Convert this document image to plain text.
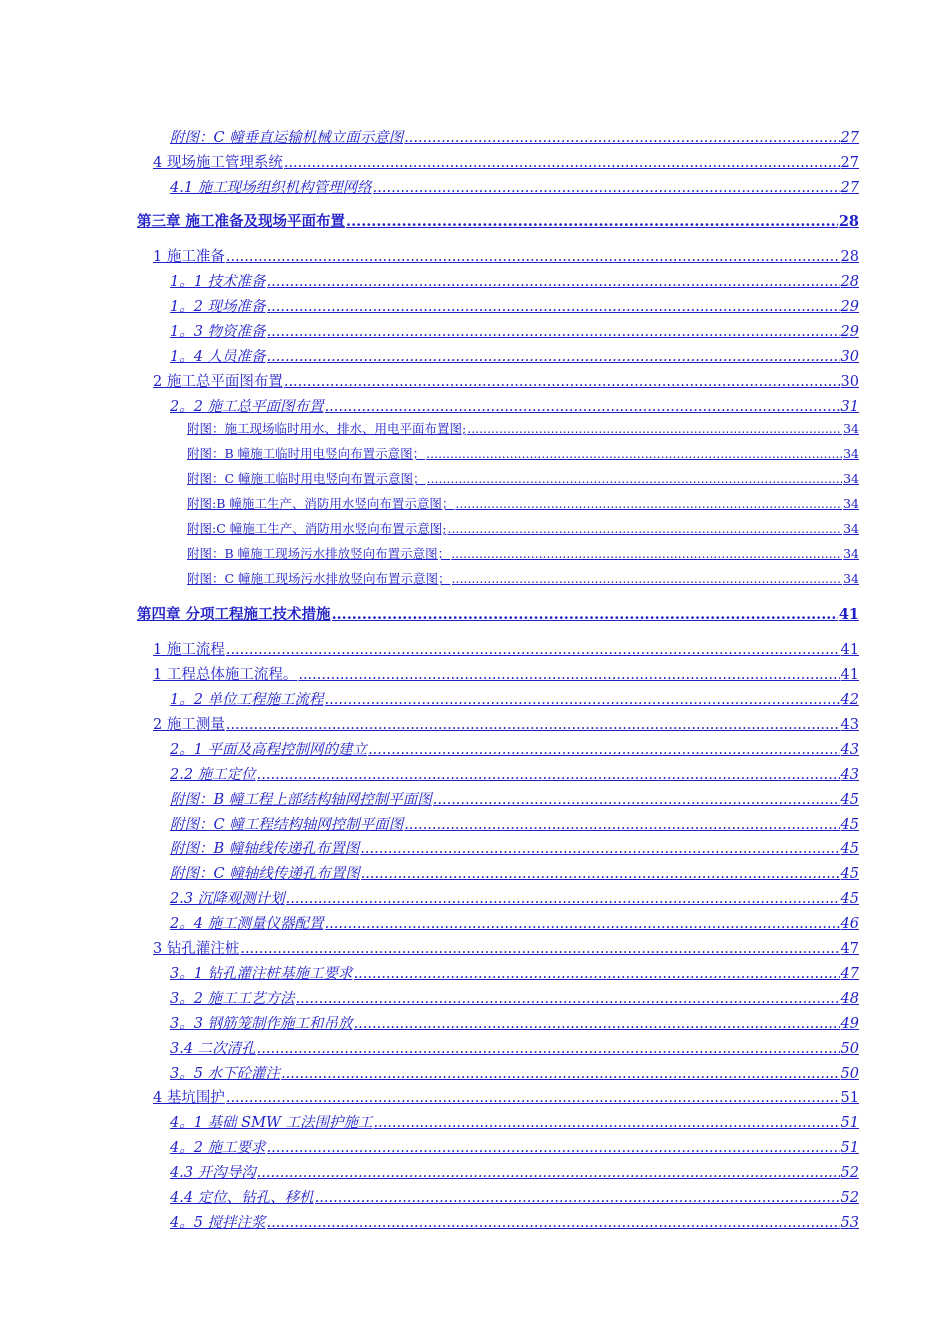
附图：C 幢垂直运输机械立面示意图 .....	27
4 现场施工管理系统 .....	27
4.1 施工现场组织机构管理网络 .....	27
第三章 施工准备及现场平面布置 .....	28
1 施工准备 .....	28
1。1 技术准备 .....	28
1。2 现场准备 .....	29
1。3 物资准备 .....	29
1。4 人员准备 .....	30
2 施工总平面图布置 .....	30
2。2 施工总平面图布置 .....	31
附图：施工现场临时用水、排水、用电平面布置图; .....	34
附图：B 幢施工临时用电竖向布置示意图； .....	34
附图：C 幢施工临时用电竖向布置示意图； .....	34
附图:B 幢施工生产、消防用水竖向布置示意图； .....	34
附图:C 幢施工生产、消防用水竖向布置示意图; .....	34
附图：B 幢施工现场污水排放竖向布置示意图； .....	34
附图：C 幢施工现场污水排放竖向布置示意图； .....	34
第四章 分项工程施工技术措施 .....	41
1 施工流程 .....	41
1 工程总体施工流程。 .....	41
1。2 单位工程施工流程 .....	42
2 施工测量 .....	43
2。1 平面及高程控制网的建立 .....	43
2.2 施工定位 .....	43
附图：B 幢工程上部结构轴网控制平面图 .....	45
附图：C 幢工程结构轴网控制平面图 .....	45
附图：B 幢轴线传递孔布置图 .....	45
附图：C 幢轴线传递孔布置图 .....	45
2.3 沉降观测计划 .....	45
2。4 施工测量仪器配置 .....	46
3 钻孔灌注桩 .....	47
3。1 钻孔灌注桩基施工要求 .....	47
3。2 施工工艺方法 .....	48
3。3 钢筋笼制作施工和吊放 .....	49
3.4 二次清孔 .....	50
3。5 水下砼灌注 .....	50
4 基坑围护 .....	51
4。1 基础 SMW 工法围护施工 .....	51
4。2 施工要求 .....	51
4.3 开沟导沟 .....	52
4.4 定位、钻孔、移机 .....	52
4。5 搅拌注浆 .....	53
